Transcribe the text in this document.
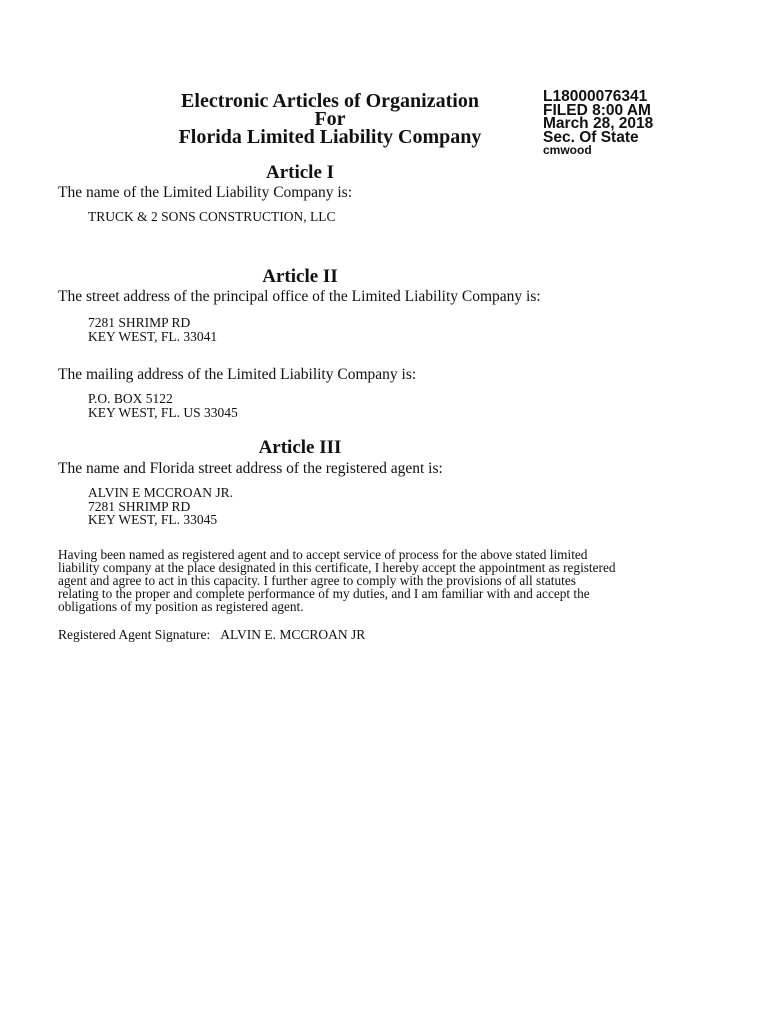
Electronic Articles of Organization
For
Florida Limited Liability Company
L18000076341
FILED 8:00 AM
March 28, 2018
Sec. Of State
cmwood
Article I
The name of the Limited Liability Company is:
TRUCK & 2 SONS CONSTRUCTION, LLC
Article II
The street address of the principal office of the Limited Liability Company is:
7281 SHRIMP RD
KEY WEST, FL. 33041
The mailing address of the Limited Liability Company is:
P.O. BOX 5122
KEY WEST, FL. US 33045
Article III
The name and Florida street address of the registered agent is:
ALVIN E MCCROAN JR.
7281 SHRIMP RD
KEY WEST, FL. 33045
Having been named as registered agent and to accept service of process for the above stated limited
liability company at the place designated in this certificate, I hereby accept the appointment as registered
agent and agree to act in this capacity. I further agree to comply with the provisions of all statutes
relating to the proper and complete performance of my duties, and I am familiar with and accept the
obligations of my position as registered agent.
Registered Agent Signature: ALVIN E. MCCROAN JR
